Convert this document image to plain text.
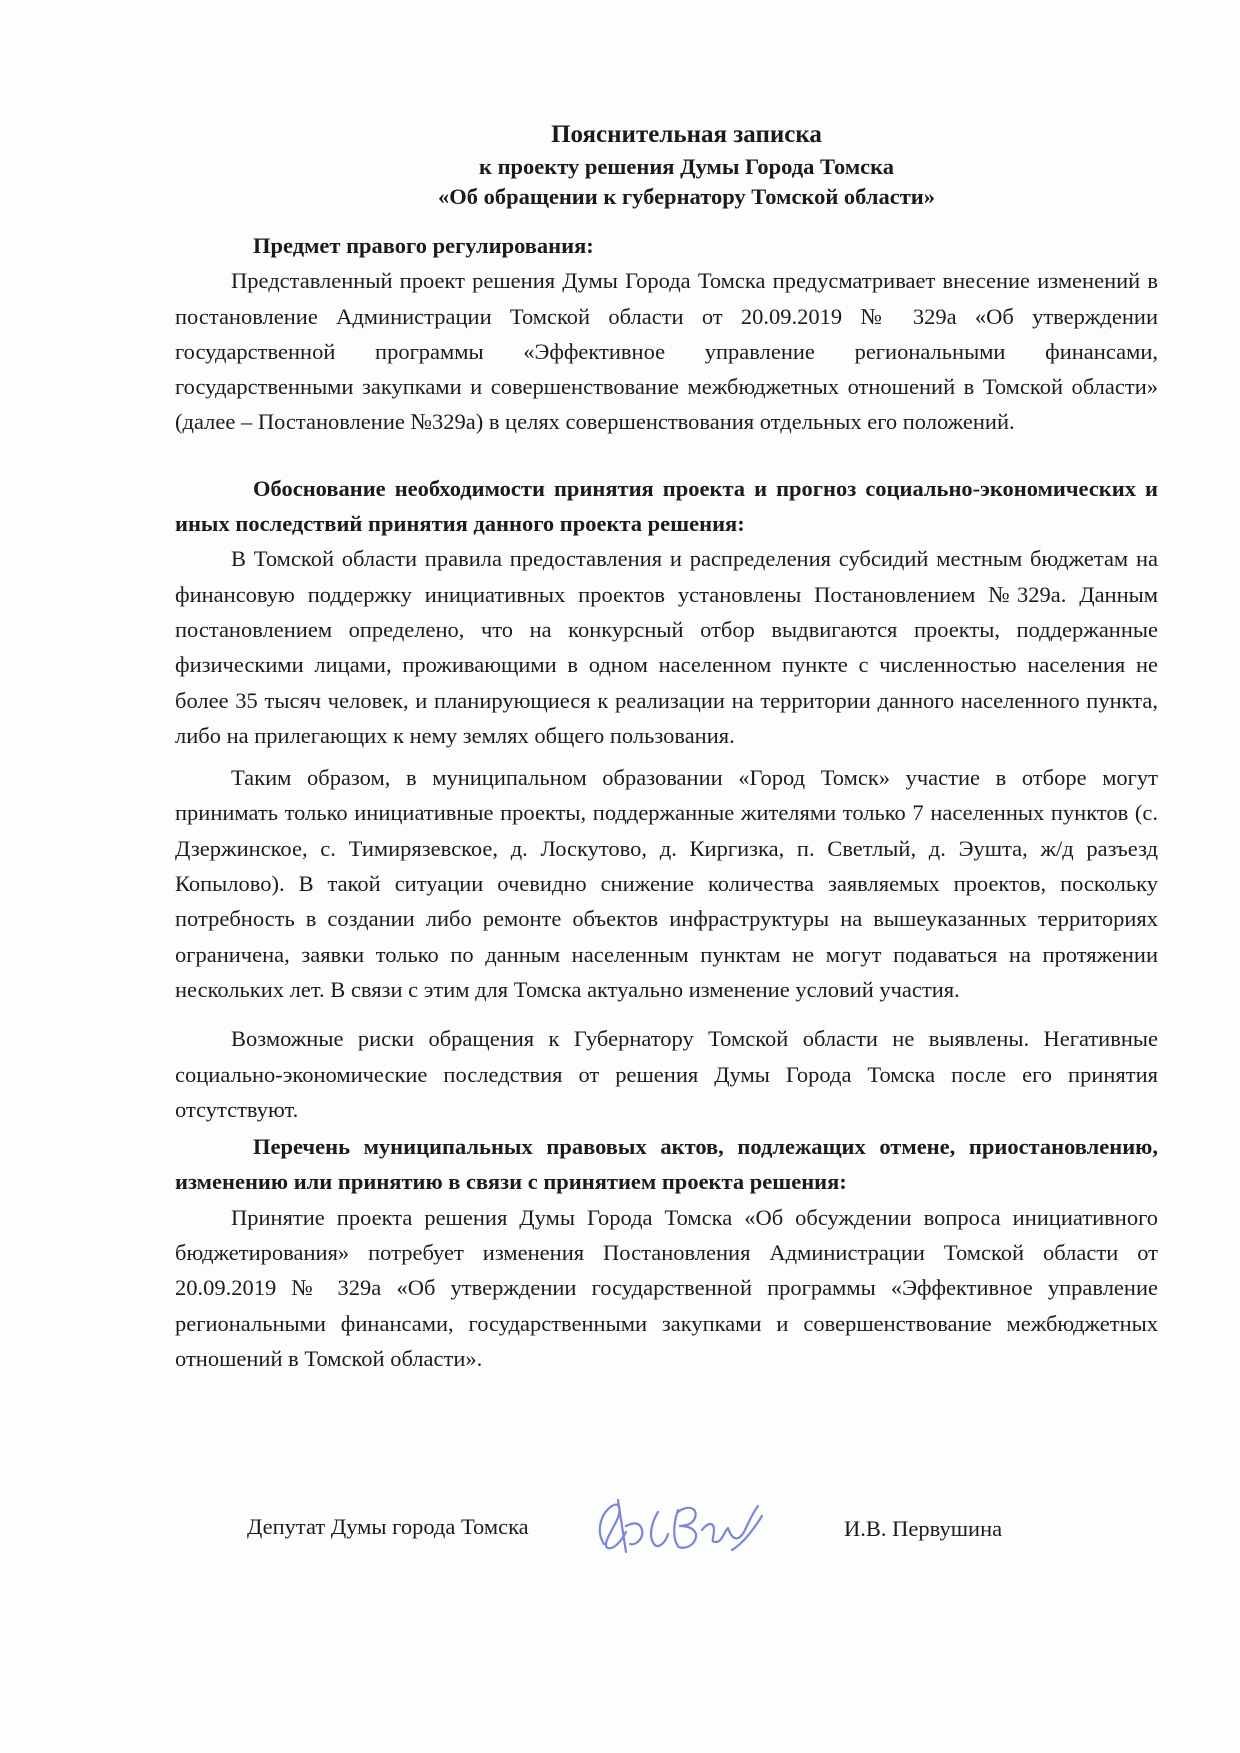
Пояснительная записка
к проекту решения Думы Города Томска
«Об обращении к губернатору Томской области»

Предмет правого регулирования:

Представленный проект решения Думы Города Томска предусматривает внесение изменений в постановление Администрации Томской области от 20.09.2019 № 329а «Об утверждении государственной программы «Эффективное управление региональными финансами, государственными закупками и совершенствование межбюджетных отношений в Томской области» (далее – Постановление №329а) в целях совершенствования отдельных его положений.

Обоснование необходимости принятия проекта и прогноз социально-экономических и иных последствий принятия данного проекта решения:

В Томской области правила предоставления и распределения субсидий местным бюджетам на финансовую поддержку инициативных проектов установлены Постановлением №329а. Данным постановлением определено, что на конкурсный отбор выдвигаются проекты, поддержанные физическими лицами, проживающими в одном населенном пункте с численностью населения не более 35 тысяч человек, и планирующиеся к реализации на территории данного населенного пункта, либо на прилегающих к нему землях общего пользования.

Таким образом, в муниципальном образовании «Город Томск» участие в отборе могут принимать только инициативные проекты, поддержанные жителями только 7 населенных пунктов (с. Дзержинское, с. Тимирязевское, д. Лоскутово, д. Киргизка, п. Светлый, д. Эушта, ж/д разъезд Копылово). В такой ситуации очевидно снижение количества заявляемых проектов, поскольку потребность в создании либо ремонте объектов инфраструктуры на вышеуказанных территориях ограничена, заявки только по данным населенным пунктам не могут подаваться на протяжении нескольких лет. В связи с этим для Томска актуально изменение условий участия.

Возможные риски обращения к Губернатору Томской области не выявлены. Негативные социально-экономические последствия от решения Думы Города Томска после его принятия отсутствуют.

Перечень муниципальных правовых актов, подлежащих отмене, приостановлению, изменению или принятию в связи с принятием проекта решения:

Принятие проекта решения Думы Города Томска «Об обсуждении вопроса инициативного бюджетирования» потребует изменения Постановления Администрации Томской области от 20.09.2019 № 329а «Об утверждении государственной программы «Эффективное управление региональными финансами, государственными закупками и совершенствование межбюджетных отношений в Томской области».

Депутат Думы города Томска	И.В. Первушина
